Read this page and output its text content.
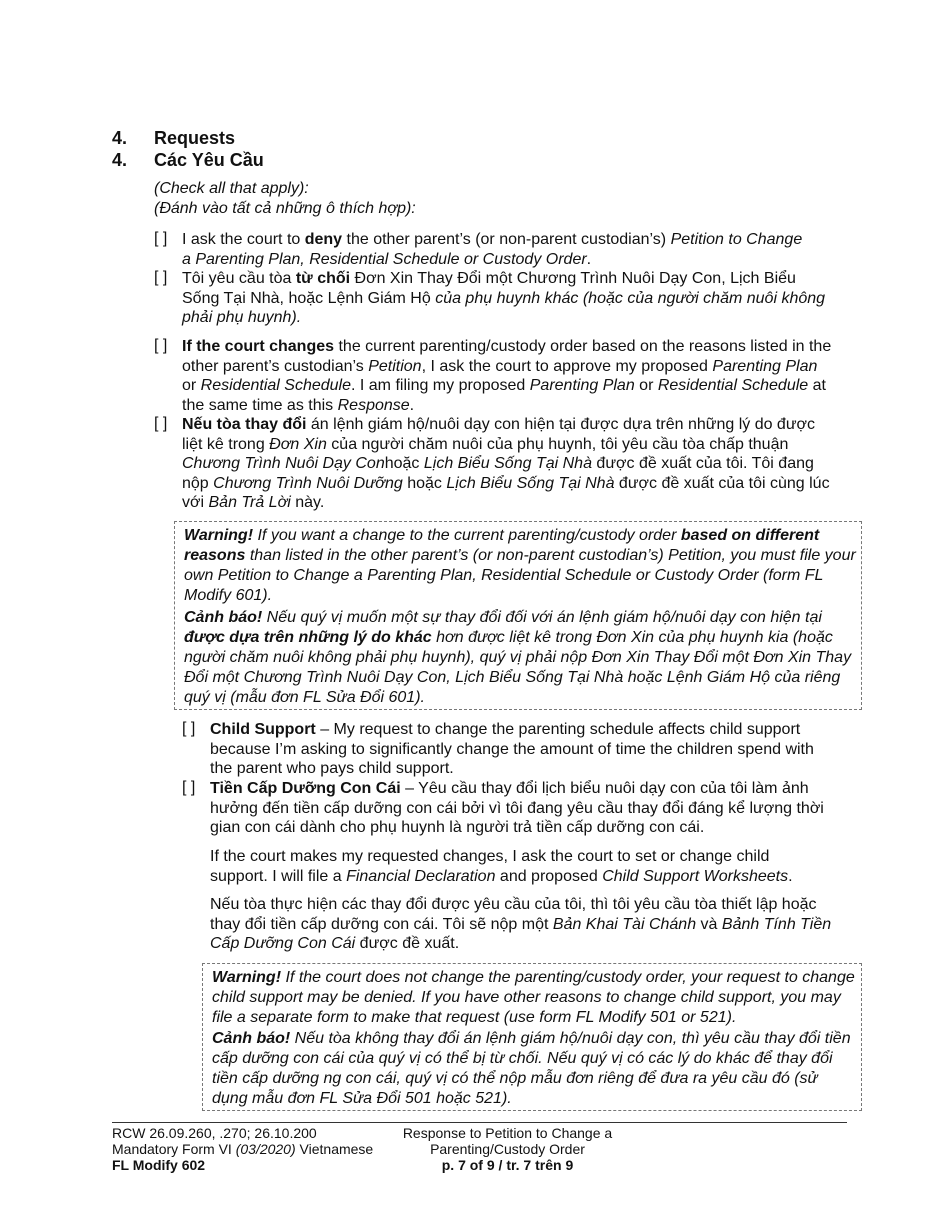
4.	Requests
4.	Các Yêu Cầu
(Check all that apply):
(Đánh vào tất cả những ô thích hợp):
[ ] I ask the court to deny the other parent’s (or non-parent custodian’s) Petition to Change a Parenting Plan, Residential Schedule or Custody Order.

[ ] Tôi yêu cầu tòa từ chối Đơn Xin Thay Đổi một Chương Trình Nuôi Dạy Con, Lịch Biểu Sống Tại Nhà, hoặc Lệnh Giám Hộ của phụ huynh khác (hoặc của người chăm nuôi không phải phụ huynh).

[ ] If the court changes the current parenting/custody order based on the reasons listed in the other parent’s custodian’s Petition, I ask the court to approve my proposed Parenting Plan or Residential Schedule. I am filing my proposed Parenting Plan or Residential Schedule at the same time as this Response.

[ ] Nếu tòa thay đổi án lệnh giám hộ/nuôi dạy con hiện tại được dựa trên những lý do được liệt kê trong Đơn Xin của người chăm nuôi của phụ huynh, tôi yêu cầu tòa chấp thuận Chương Trình Nuôi Dạy Conhoặc Lịch Biểu Sống Tại Nhà được đề xuất của tôi. Tôi đang nộp Chương Trình Nuôi Dưỡng hoặc Lịch Biểu Sống Tại Nhà được đề xuất của tôi cùng lúc với Bản Trả Lời này.

Warning! If you want a change to the current parenting/custody order based on different reasons than listed in the other parent’s (or non-parent custodian’s) Petition, you must file your own Petition to Change a Parenting Plan, Residential Schedule or Custody Order (form FL Modify 601).

Cảnh báo! Nếu quý vị muốn một sự thay đổi đối với án lệnh giám hộ/nuôi dạy con hiện tại được dựa trên những lý do khác hơn được liệt kê trong Đơn Xin của phụ huynh kia (hoặc người chăm nuôi không phải phụ huynh), quý vị phải nộp Đơn Xin Thay Đổi một Đơn Xin Thay Đổi một Chương Trình Nuôi Dạy Con, Lịch Biểu Sống Tại Nhà hoặc Lệnh Giám Hộ của riêng quý vị (mẫu đơn FL Sửa Đổi 601).

[ ] Child Support – My request to change the parenting schedule affects child support because I’m asking to significantly change the amount of time the children spend with the parent who pays child support.

[ ] Tiền Cấp Dưỡng Con Cái – Yêu cầu thay đổi lịch biểu nuôi dạy con của tôi làm ảnh hưởng đến tiền cấp dưỡng con cái bởi vì tôi đang yêu cầu thay đổi đáng kể lượng thời gian con cái dành cho phụ huynh là người trả tiền cấp dưỡng con cái.

If the court makes my requested changes, I ask the court to set or change child support. I will file a Financial Declaration and proposed Child Support Worksheets.

Nếu tòa thực hiện các thay đổi được yêu cầu của tôi, thì tôi yêu cầu tòa thiết lập hoặc thay đổi tiền cấp dưỡng con cái. Tôi sẽ nộp một Bản Khai Tài Chánh và Bảnh Tính Tiền Cấp Dưỡng Con Cái được đề xuất.

Warning! If the court does not change the parenting/custody order, your request to change child support may be denied. If you have other reasons to change child support, you may file a separate form to make that request (use form FL Modify 501 or 521).

Cảnh báo! Nếu tòa không thay đổi án lệnh giám hộ/nuôi dạy con, thì yêu cầu thay đổi tiền cấp dưỡng con cái của quý vị có thể bị từ chối. Nếu quý vị có các lý do khác để thay đổi tiền cấp dưỡng ng con cái, quý vị có thể nộp mẫu đơn riêng để đưa ra yêu cầu đó (sử dụng mẫu đơn FL Sửa Đổi 501 hoặc 521).

RCW 26.09.260, .270; 26.10.200
Mandatory Form VI (03/2020) Vietnamese
FL Modify 602
Response to Petition to Change a
Parenting/Custody Order
p. 7 of 9 / tr. 7 trên 9
